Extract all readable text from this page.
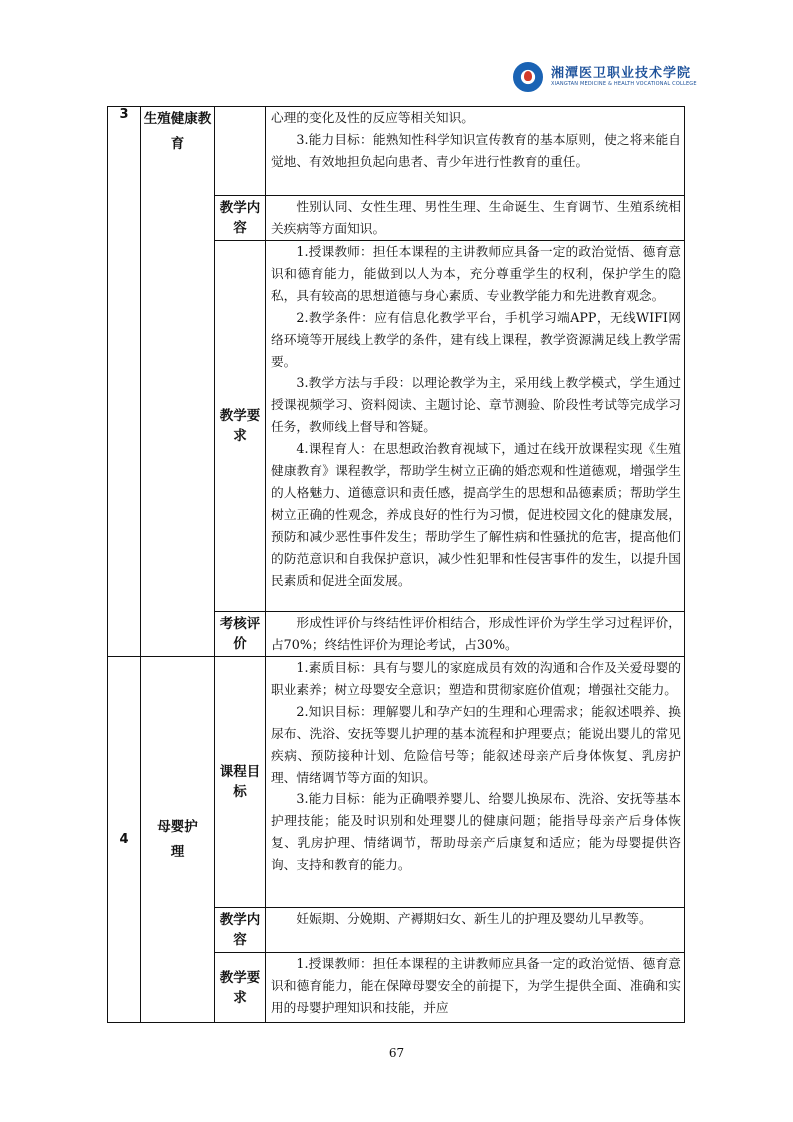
湘潭医卫职业技术学院
XIANGTAN MEDICINE & HEALTH VOCATIONAL COLLEGE
3	生殖健康教育		心理的变化及性的反应等相关知识。

3.能力目标：能熟知性科学知识宣传教育的基本原则，使之将来能自觉地、有效地担负起向患者、青少年进行性教育的重任。

		教学内容	性别认同、女性生理、男性生理、生命诞生、生育调节、生殖系统相关疾病等方面知识。

		教学要求	1.授课教师：担任本课程的主讲教师应具备一定的政治觉悟、德育意识和德育能力，能做到以人为本，充分尊重学生的权利，保护学生的隐私，具有较高的思想道德与身心素质、专业教学能力和先进教育观念。

2.教学条件：应有信息化教学平台，手机学习端APP，无线WIFI网络环境等开展线上教学的条件，建有线上课程，教学资源满足线上教学需要。

3.教学方法与手段：以理论教学为主，采用线上教学模式，学生通过授课视频学习、资料阅读、主题讨论、章节测验、阶段性考试等完成学习任务，教师线上督导和答疑。

4.课程育人：在思想政治教育视域下，通过在线开放课程实现《生殖健康教育》课程教学，帮助学生树立正确的婚恋观和性道德观，增强学生的人格魅力、道德意识和责任感，提高学生的思想和品德素质；帮助学生树立正确的性观念，养成良好的性行为习惯，促进校园文化的健康发展，预防和减少恶性事件发生；帮助学生了解性病和性骚扰的危害，提高他们的防范意识和自我保护意识，减少性犯罪和性侵害事件的发生，以提升国民素质和促进全面发展。

		考核评价	形成性评价与终结性评价相结合，形成性评价为学生学习过程评价，占70%；终结性评价为理论考试，占30%。

4	母婴护理	课程目标	1.素质目标：具有与婴儿的家庭成员有效的沟通和合作及关爱母婴的职业素养；树立母婴安全意识；塑造和贯彻家庭价值观；增强社交能力。

2.知识目标：理解婴儿和孕产妇的生理和心理需求；能叙述喂养、换尿布、洗浴、安抚等婴儿护理的基本流程和护理要点；能说出婴儿的常见疾病、预防接种计划、危险信号等；能叙述母亲产后身体恢复、乳房护理、情绪调节等方面的知识。

3.能力目标：能为正确喂养婴儿、给婴儿换尿布、洗浴、安抚等基本护理技能；能及时识别和处理婴儿的健康问题；能指导母亲产后身体恢复、乳房护理、情绪调节，帮助母亲产后康复和适应；能为母婴提供咨询、支持和教育的能力。

		教学内容	妊娠期、分娩期、产褥期妇女、新生儿的护理及婴幼儿早教等。

		教学要求	1.授课教师：担任本课程的主讲教师应具备一定的政治觉悟、德育意识和德育能力，能在保障母婴安全的前提下，为学生提供全面、准确和实用的母婴护理知识和技能，并应

67
